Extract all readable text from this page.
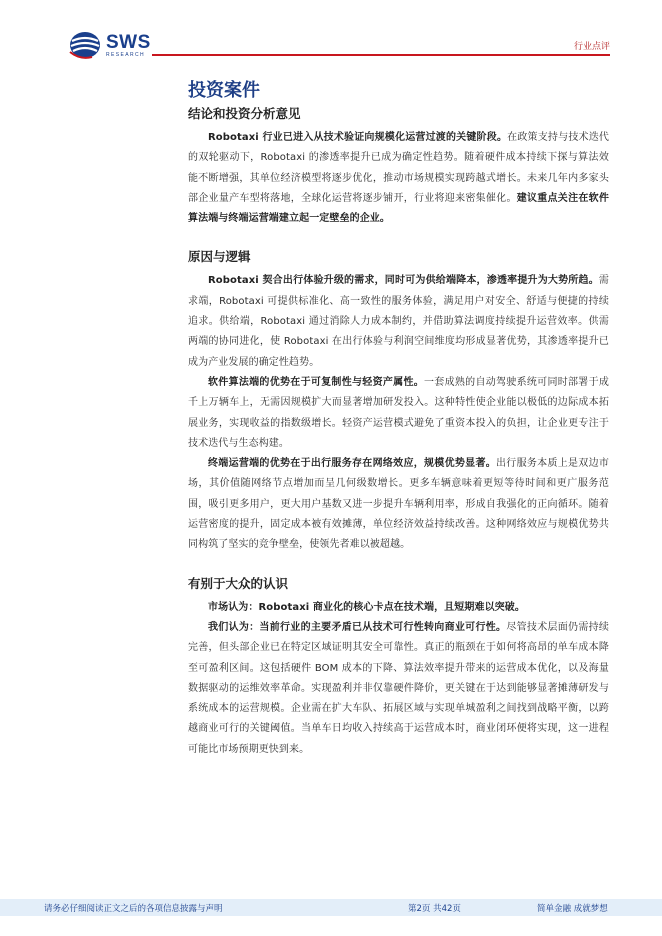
SWS
RESEARCH
行业点评
投资案件
结论和投资分析意见

Robotaxi 行业已进入从技术验证向规模化运营过渡的关键阶段。在政策支持与技术迭代的双轮驱动下，Robotaxi 的渗透率提升已成为确定性趋势。随着硬件成本持续下探与算法效能不断增强，其单位经济模型将逐步优化，推动市场规模实现跨越式增长。未来几年内多家头部企业量产车型将落地，全球化运营将逐步铺开，行业将迎来密集催化。建议重点关注在软件算法端与终端运营端建立起一定壁垒的企业。

原因与逻辑

Robotaxi 契合出行体验升级的需求，同时可为供给端降本，渗透率提升为大势所趋。需求端，Robotaxi 可提供标准化、高一致性的服务体验，满足用户对安全、舒适与便捷的持续追求。供给端，Robotaxi 通过消除人力成本制约，并借助算法调度持续提升运营效率。供需两端的协同进化，使 Robotaxi 在出行体验与利润空间维度均形成显著优势，其渗透率提升已成为产业发展的确定性趋势。

软件算法端的优势在于可复制性与轻资产属性。一套成熟的自动驾驶系统可同时部署于成千上万辆车上，无需因规模扩大而显著增加研发投入。这种特性使企业能以极低的边际成本拓展业务，实现收益的指数级增长。轻资产运营模式避免了重资本投入的负担，让企业更专注于技术迭代与生态构建。

终端运营端的优势在于出行服务存在网络效应，规模优势显著。出行服务本质上是双边市场，其价值随网络节点增加而呈几何级数增长。更多车辆意味着更短等待时间和更广服务范围，吸引更多用户，更大用户基数又进一步提升车辆利用率，形成自我强化的正向循环。随着运营密度的提升，固定成本被有效摊薄，单位经济效益持续改善。这种网络效应与规模优势共同构筑了坚实的竞争壁垒，使领先者难以被超越。

有别于大众的认识

市场认为：Robotaxi 商业化的核心卡点在技术端，且短期难以突破。

我们认为：当前行业的主要矛盾已从技术可行性转向商业可行性。尽管技术层面仍需持续完善，但头部企业已在特定区域证明其安全可靠性。真正的瓶颈在于如何将高昂的单车成本降至可盈利区间。这包括硬件 BOM 成本的下降、算法效率提升带来的运营成本优化，以及海量数据驱动的运维效率革命。实现盈利并非仅靠硬件降价，更关键在于达到能够显著摊薄研发与系统成本的运营规模。企业需在扩大车队、拓展区域与实现单城盈利之间找到战略平衡，以跨越商业可行的关键阈值。当单车日均收入持续高于运营成本时，商业闭环便将实现，这一进程可能比市场预期更快到来。

请务必仔细阅读正文之后的各项信息披露与声明	第2页 共42页	简单金融 成就梦想
